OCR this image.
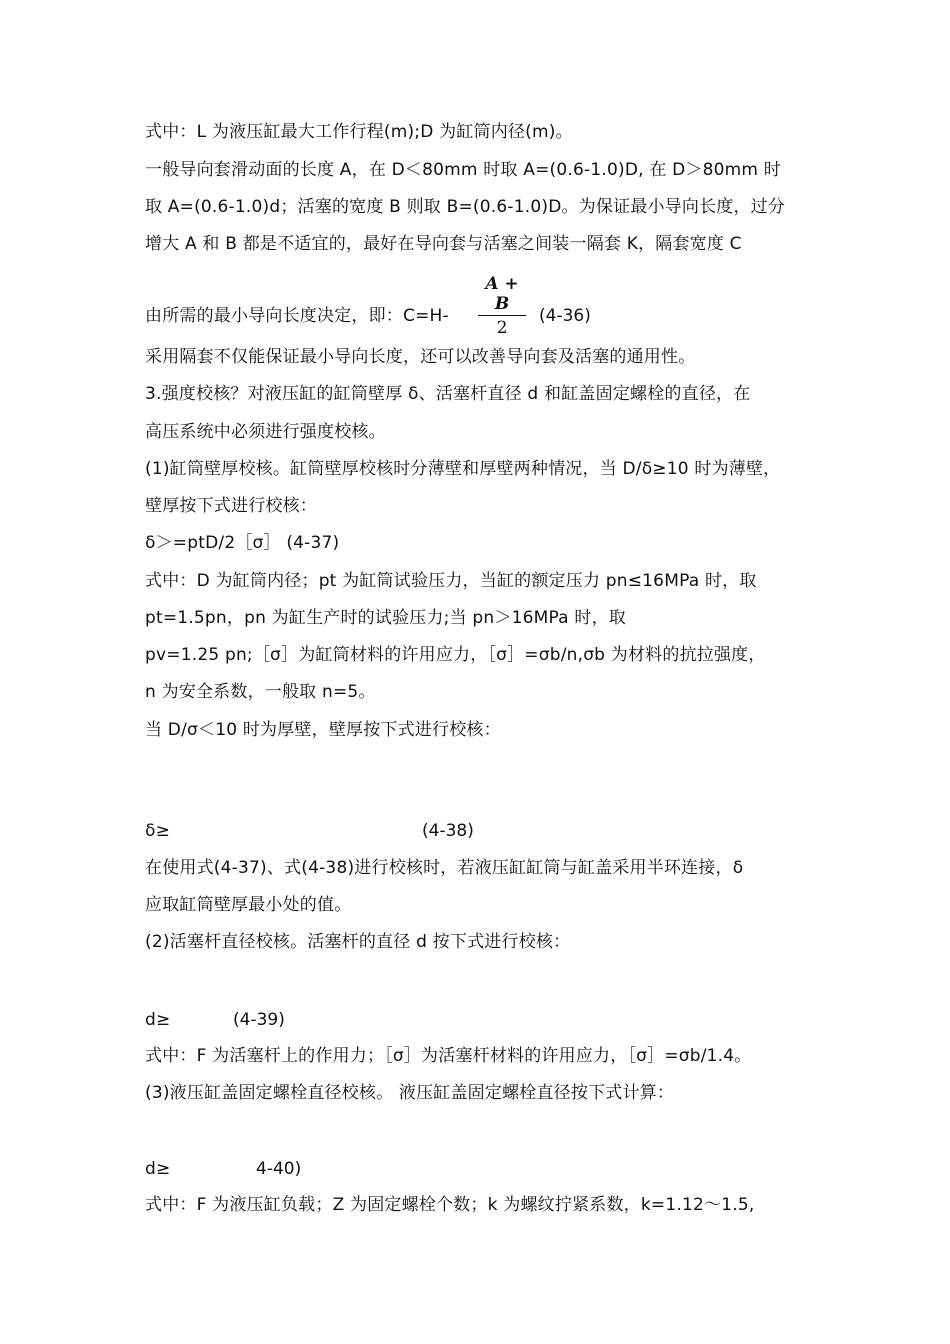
式中：L 为液压缸最大工作行程(m);D 为缸筒内径(m)。
一般导向套滑动面的长度 A，在 D＜80mm 时取 A=(0.6-1.0)D, 在 D＞80mm 时
取 A=(0.6-1.0)d；活塞的宽度 B 则取 B=(0.6-1.0)D。为保证最小导向长度，过分
增大 A 和 B 都是不适宜的，最好在导向套与活塞之间装一隔套 K，隔套宽度 C
由所需的最小导向长度决定，即：C=H-
A + B
2
(4-36)
采用隔套不仅能保证最小导向长度，还可以改善导向套及活塞的通用性。
3.强度校核？对液压缸的缸筒壁厚 δ、活塞杆直径 d 和缸盖固定螺栓的直径，在
高压系统中必须进行强度校核。
(1)缸筒壁厚校核。缸筒壁厚校核时分薄壁和厚壁两种情况，当 D/δ≥10 时为薄壁，
壁厚按下式进行校核：
δ＞=ptD/2［σ］ (4-37)
式中：D 为缸筒内径；pt 为缸筒试验压力，当缸的额定压力 pn≤16MPa 时，取
pt=1.5pn，pn 为缸生产时的试验压力;当 pn＞16MPa 时，取
pv=1.25 pn;［σ］为缸筒材料的许用应力，［σ］=σb/n,σb 为材料的抗拉强度，
n 为安全系数，一般取 n=5。
当 D/σ＜10 时为厚壁，壁厚按下式进行校核：
δ≥	(4-38)
在使用式(4-37)、式(4-38)进行校核时，若液压缸缸筒与缸盖采用半环连接，δ
应取缸筒壁厚最小处的值。
(2)活塞杆直径校核。活塞杆的直径 d 按下式进行校核：
d≥	(4-39)
式中：F 为活塞杆上的作用力；［σ］为活塞杆材料的许用应力，［σ］=σb/1.4。
(3)液压缸盖固定螺栓直径校核。 液压缸盖固定螺栓直径按下式计算：
d≥	4-40)
式中：F 为液压缸负载；Z 为固定螺栓个数；k 为螺纹拧紧系数，k=1.12～1.5,
